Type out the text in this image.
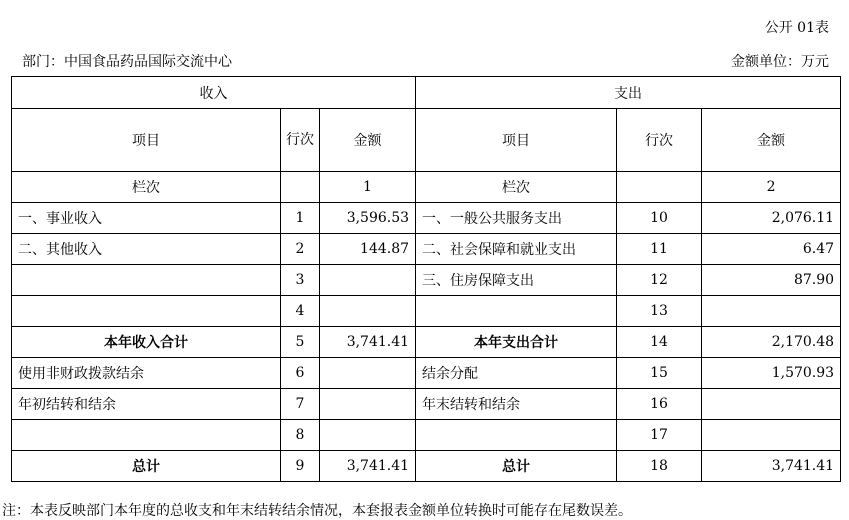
公开 01表
部门：中国食品药品国际交流中心	金额单位：万元
收入			支出		
项目	行次	金额	项目	行次	金额
栏次		1	栏次		2
一、事业收入	1	3,596.53	一、一般公共服务支出	10	2,076.11
二、其他收入	2	144.87	二、社会保障和就业支出	11	6.47
	3		三、住房保障支出	12	87.90
	4			13	
本年收入合计	5	3,741.41	本年支出合计	14	2,170.48
使用非财政拨款结余	6		结余分配	15	1,570.93
年初结转和结余	7		年末结转和结余	16	
	8			17	
总计	9	3,741.41	总计	18	3,741.41
注：本表反映部门本年度的总收支和年末结转结余情况，本套报表金额单位转换时可能存在尾数误差。
